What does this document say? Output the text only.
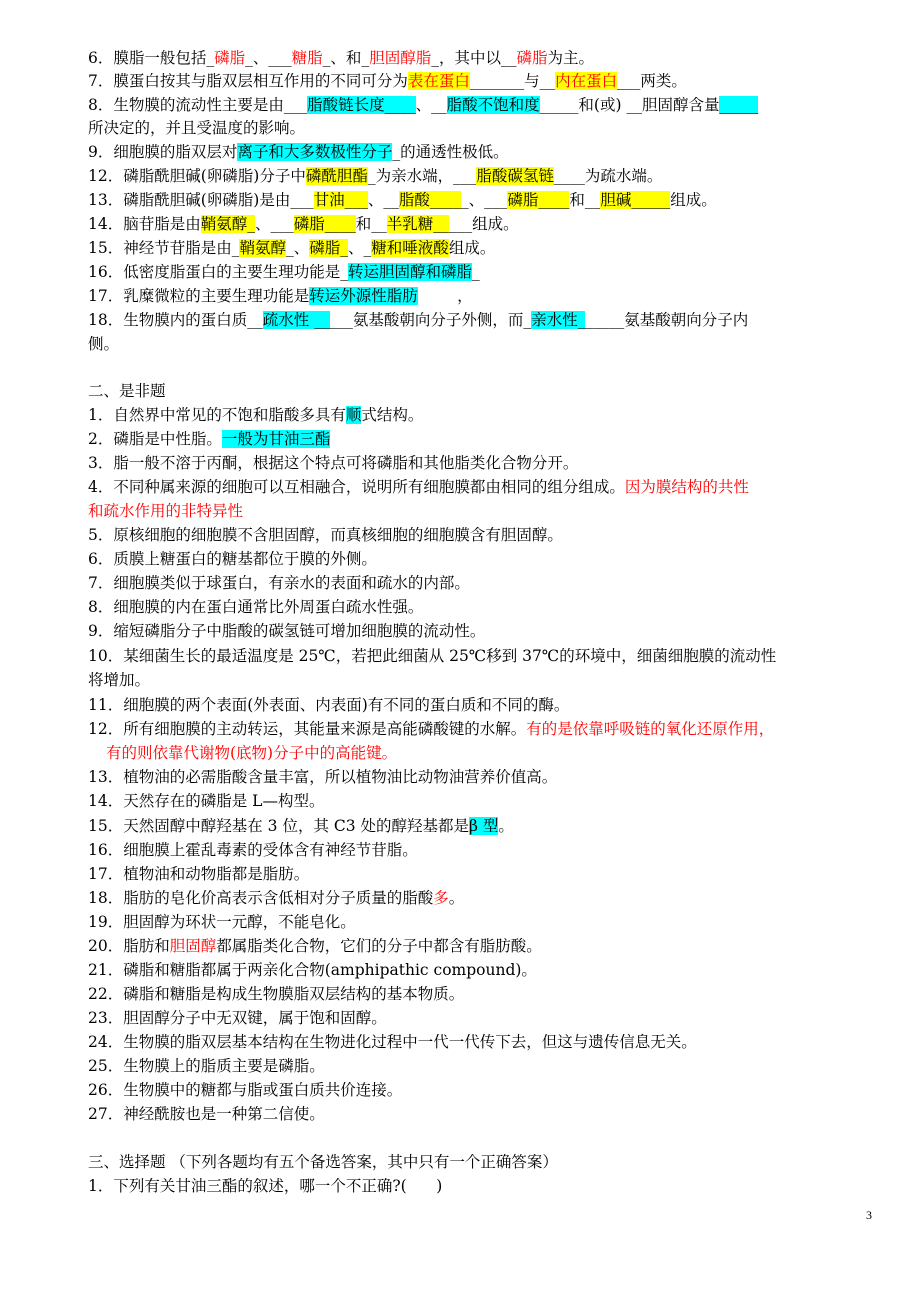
6．膜脂一般包括_磷脂_、___糖脂_、和_胆固醇脂_，其中以__磷脂为主。
7．膜蛋白按其与脂双层相互作用的不同可分为表在蛋白_______与__内在蛋白___两类。
8．生物膜的流动性主要是由___脂酸链长度____、__脂酸不饱和度_____和(或) __胆固醇含量_____
所决定的，并且受温度的影响。
9．细胞膜的脂双层对离子和大多数极性分子_的通透性极低。
12．磷脂酰胆碱(卵磷脂)分子中磷酰胆酯_为亲水端，___脂酸碳氢链____为疏水端。
13．磷脂酰胆碱(卵磷脂)是由___甘油___、__脂酸_____、___磷脂____和__胆碱_____组成。
14．脑苷脂是由鞘氨醇_、___磷脂____和__半乳糖_____组成。
15．神经节苷脂是由_鞘氨醇_、磷脂_、_糖和唾液酸组成。
16．低密度脂蛋白的主要生理功能是_转运胆固醇和磷脂_
17．乳糜微粒的主要生理功能是转运外源性脂肪        ，
18．生物膜内的蛋白质__疏水性 _____氨基酸朝向分子外侧，而_亲水性______氨基酸朝向分子内
侧。
二、是非题
1．自然界中常见的不饱和脂酸多具有顺式结构。
2．磷脂是中性脂。一般为甘油三酯
3．脂一般不溶于丙酮，根据这个特点可将磷脂和其他脂类化合物分开。
4．不同种属来源的细胞可以互相融合，说明所有细胞膜都由相同的组分组成。因为膜结构的共性
和疏水作用的非特异性
5．原核细胞的细胞膜不含胆固醇，而真核细胞的细胞膜含有胆固醇。
6．质膜上糖蛋白的糖基都位于膜的外侧。
7．细胞膜类似于球蛋白，有亲水的表面和疏水的内部。
8．细胞膜的内在蛋白通常比外周蛋白疏水性强。
9．缩短磷脂分子中脂酸的碳氢链可增加细胞膜的流动性。
10．某细菌生长的最适温度是 25℃，若把此细菌从 25℃移到 37℃的环境中，细菌细胞膜的流动性
将增加。
11．细胞膜的两个表面(外表面、内表面)有不同的蛋白质和不同的酶。
12．所有细胞膜的主动转运，其能量来源是高能磷酸键的水解。有的是依靠呼吸链的氧化还原作用，
有的则依靠代谢物(底物)分子中的高能键。
13．植物油的必需脂酸含量丰富，所以植物油比动物油营养价值高。
14．天然存在的磷脂是 L—构型。
15．天然固醇中醇羟基在 3 位，其 C3 处的醇羟基都是β 型。
16．细胞膜上霍乱毒素的受体含有神经节苷脂。
17．植物油和动物脂都是脂肪。
18．脂肪的皂化价高表示含低相对分子质量的脂酸多。
19．胆固醇为环状一元醇，不能皂化。
20．脂肪和胆固醇都属脂类化合物，它们的分子中都含有脂肪酸。
21．磷脂和糖脂都属于两亲化合物(amphipathic compound)。
22．磷脂和糖脂是构成生物膜脂双层结构的基本物质。
23．胆固醇分子中无双键，属于饱和固醇。
24．生物膜的脂双层基本结构在生物进化过程中一代一代传下去，但这与遗传信息无关。
25．生物膜上的脂质主要是磷脂。
26．生物膜中的糖都与脂或蛋白质共价连接。
27．神经酰胺也是一种第二信使。
三、选择题 （下列各题均有五个备选答案，其中只有一个正确答案）
1．下列有关甘油三酯的叙述，哪一个不正确?(      )
3
